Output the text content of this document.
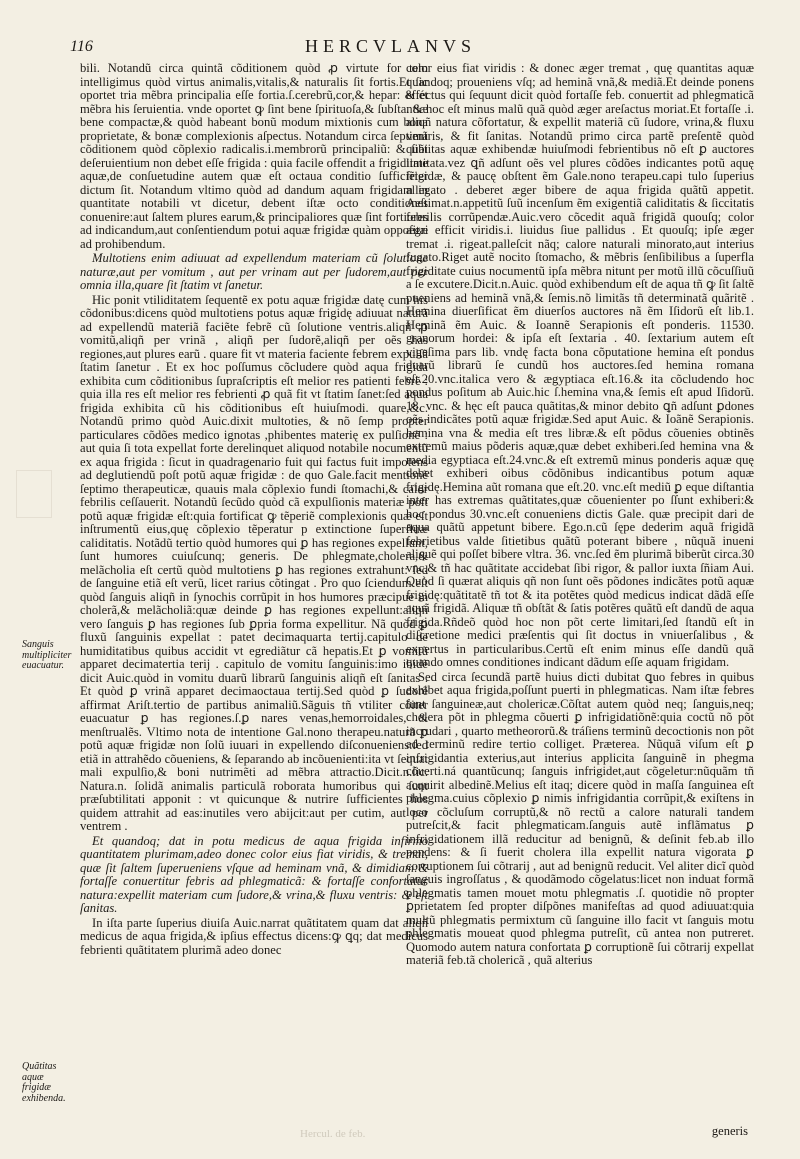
116	HERCVLANVS

bili. Notandũ circa quintã cõditionem quòd ꝓ virtute for tem intelligimus quòd virtus animalis,vitalis,& naturalis ſit fortis.Et ſic oportet tria mẽbra principalia eſſe fortia.ſ.cerebrũ,cor,& hepar: & ét mẽbra his ſeruientia. vnde oportet ꝙ ſint bene ſpirituoſa,& ſubſtantiæ bene compactæ,& quòd habeant bonũ modum mixtionis cum bona proprietate, & bonæ complexionis aſpectus. Notandum circa ſeptimã cõditionem quòd cõplexio radicalis.i.membrorũ principaliũ: & ſibi deſeruientium non debet eſſe frigida : quia facile offendit a frigiditate aquæ,de conſuetudine autem quæ eſt octaua conditio ſufficiẽter dictum ſit. Notandum vltimo quòd ad dandum aquam frigidam in quantitate notabili vt dicetur, debent iſtæ octo conditiones conuenire:aut ſaltem plures earum,& principaliores quæ ſint fortiores ad indicandum,aut conſentiendum potui aquæ frigidæ quàm oppoſitæ ad prohibendum.

Multotiens enim adiuuat ad expellendum materiam cũ ſolutione naturæ,aut per vomitum , aut per vrinam aut per ſudorem,aut per omnia illa,quare ſit ſtatim vt ſanetur.

Hic ponit vtiliditatem ſequentẽ ex potu aquæ frigidæ datę cum his cõdonibus:dicens quòd multotiens potus aquæ frigidę adiuuat naturã ad expellendũ materiã faciẽte febrẽ cũ ſolutione ventris.aliqñ ꝓ vomitũ,aliqñ per vrinã , aliqñ per ſudorẽ,aliqñ per oẽs has regiones,aut plures earũ . quare fit vt materia faciente febrem expulſã ſtatim ſanetur . Et ex hoc poſſumus cõcludere quòd aqua frigida exhibita cum cõditionibus ſupraſcriptis eſt melior res patienti febrẽ : quia illa res eſt melior res febrienti ꝓ quã fit vt ſtatim ſanet:ſed aqua frigida exhibita cũ his cõditionibus eſt huiuſmodi. quare,&c. Notandũ primo quòd Auic.dixit multoties, & nõ ſemp propter particulares cõdões medico ignotas ,phibentes materię ex pulſionẽ : aut quia ſi tota expellat forte derelinquet aliquod notabile nocumentũ ex aqua frigida : ſicut in quadragenario fuit qui factus fuit impotens ad deglutiendũ poſt potũ aquæ frigidæ : de quo Gale.facit mentionẽ ſeptimo therapeuticæ, quauis mala cõplexio fundi ſtomachi,& calor febrilis ceſſauerit. Notandũ ſecũdo quòd cã expulſionis materiæ poſt potũ aquæ frigidæ eſt:quia fortificat ꝙ tẽperiẽ complexionis quæ eſt inſtrumentũ eius,quę cõplexio tẽperatur p extinctione ſuperfluæ caliditatis. Notãdũ tertio quòd humores qui ꝑ has regiones expellunt, ſunt humores cuiuſcunq; generis. De phlegmate,cholera,& melãcholia eſt certũ quòd multotiens ꝑ has regiones extrahunt: ſed de ſanguine etiã eſt verũ, licet rarius cõtingat . Pro quo ſciendum eſt quòd ſanguis aliqñ in ſynochis corrũpit in hos humores præcipue in cholerã,& melãcholiã:quæ deinde ꝑ has regiones expellunt:aliqñ vero ſanguis ꝑ has regiones ſub ꝑpria forma expellitur. Nã quòd ꝑ fluxũ ſanguinis expellat : patet decimaquarta tertij.capitulo de humiditatibus quibus accidit vt egrediãtur cã hepatis.Et ꝑ vomitũ apparet decimatertia terij . capitulo de vomitu ſanguinis:imo ibidẽ dicit Auic.quòd in vomitu duarũ librarũ ſanguinis aliqñ eſt ſanitas . Et quòd ꝑ vrinã apparet decimaoctaua tertij.Sed quòd ꝑ ſudorẽ affirmat Ariſt.tertio de partibus animaliũ.Sãguis tñ vtiliter cõiter euacuatur ꝑ has regiones.ſ.ꝑ nares venas,hemorroidales, & menſtrualẽs. Vltimo nota de intentione Gal.nono therapeu.naturã ꝑ potũ aquæ frigidæ non ſolũ iuuari in expellendo diſconueniens:ſed etiã in attrahẽdo cõueniens, & ſeparando ab incõuenienti:ita vt ſequat mali expulſio,& boni nutrimẽti ad mẽbra attractio.Dicit.n.ſic. Natura.n. ſolidã animalis particulã roborata humoribus qui ſunt præſubtilitati apponit : vt quicunque & nutrire ſufficientes hos quidem attrahit ad eas:inutiles vero abijcit:aut per cutim, aut per ventrem .

Et quandoq; dat in potu medicus de aqua frigida infirmo quantitatem plurimam,adeo donec color eius fiat viridis, & tremat, quæ ſit ſaltem ſuperueniens vſque ad heminam vnã, & dimidiam:& fortaſſe conuertitur febris ad phlegmaticã: & fortaſſe confortatur natura:expellit materiam cum ſudore,& vrina,& fluxu ventris: & eſt ſanitas.

In iſta parte ſuperius diuiſa Auic.narrat quãtitatem quam dat aliqñ medicus de aqua frigida,& ipſius effectus dicens:ꝙ ꝗq; dat medicus febrienti quãtitatem plurimã adeo donec

color eius fiat viridis : & donec æger tremat , quę quantitas aquæ quandoq; proueniens vſq; ad heminã vnã,& mediã.Et deinde ponens effectus qui ſequunt dicit quòd fortaſſe feb. conuertit ad phlegmaticã . & hoc eſt minus malũ quã quòd æger areſactus moriat.Et fortaſſe .i. aliqñ natura cõfortatur, & expellit materiã cũ ſudore, vrina,& fluxu ventris, & fit ſanitas. Notandũ primo circa partẽ preſentẽ quòd quãtitas aquæ exhibendæ huiuſmodi febrientibus nõ eſt ꝑ auctores limitata.vez ꝗñ adſunt oẽs vel plures cõdões indicantes potũ aquę frigidæ, & paucę obſtent ẽm Gale.nono terapeu.capi tulo ſuperius allegato . deberet æger bibere de aqua frigida quãtũ appetit. Aeſtimat.n.appetitũ ſuũ incenſum ẽm exigentiã caliditatis & ſiccitatis febrilis corrũpendæ.Auic.vero cõcedit aquã frigidã quouſq; color ægri efficit viridis.i. liuidus ſiue pallidus . Et quouſq; ipſe æger tremat .i. rigeat.palleſcit nãq; calore naturali minorato,aut interius fugato.Riget autẽ nocito ſtomacho, & mẽbris ſenſibilibus a ſuperfla frigiditate cuius nocumentũ ipſa mẽbra nitunt per motũ illũ cõcuſſiuũ a ſe excutere.Dicit.n.Auic. quòd exhibendum eſt de aqua tñ ꝙ ſit ſaltẽ pueniens ad heminã vnã,& ſemis.nõ limitãs tñ determinatã quãritẽ . Hemina diuerſificat ẽm diuerſos auctores nã ẽm Iſidorũ eſt lib.1. Heminã ẽm Auic. & Ioannẽ Serapionis eſt ponderis. 11530. granorum hordei: & ipſa eſt ſextaria . 40. ſextarium autem eſt vigeſima pars lib. vndę facta bona cõputatione hemina eſt pondus duarũ librarũ ſe cundũ hos auctores.ſed hemina romana eſt.20.vnc.italica vero & ægyptiaca eſt.16.& ita cõcludendo hoc pondus poſitum ab Auic.hic ſ.hemina vna,& ſemis eſt apud Iſidorũ. 18. vnc. & hęc eſt pauca quãtitas,& minor debito ꝗñ adſunt ꝑdones oẽs indicãtes potũ aquæ frigidæ.Sed aput Auic. & Ioãnẽ Serapionis. hemina vna & media eſt tres libræ.& eſt põdus cõuenies obtinẽs extremũ maius põderis aquæ,quæ debet exhiberi.ſed hemina vna & media egyptiaca eſt.24.vnc.& eſt extremũ minus ponderis aquæ quę debet exhiberi oibus cõdõnibus indicantibus potum aquæ frigidę.Hemina aũt romana que eſt.20. vnc.eſt mediũ ꝑ eque diſtantia inter has extremas quãtitates,quæ cõuenienter po ſſunt exhiberi:& hoc pondus 30.vnc.eſt conueniens dictis Gale. quæ precipit dari de aqua quãtũ appetunt bibere. Ego.n.cũ ſępe dederim aquã frigidã febrietibus valde ſitietibus quãtũ poterant bibere , nũquã inueni aliquẽ qui poſſet bibere vltra. 36. vnc.ſed ẽm plurimã biberũt circa.30 vnc.& tñ hac quãtitate accidebat ſibi rigor, & pallor iuxta ſñiam Aui. Quòd ſi quærat aliquis qñ non ſunt oẽs põdones indicãtes potũ aquæ frigidę:quãtitatẽ tñ tot & ita potẽtes quòd medicus indicat dãdã eſſe aquã frigidã. Aliquæ tñ obſtãt & ſatis potẽres quãtũ eſt dandũ de aqua frigida.Rñdeõ quòd hoc non põt certe limitari,ſed ſtandũ eſt in diſcretione medici præſentis qui ſit doctus in vniuerſalibus , & expertus in particularibus.Certũ eſt enim minus eſſe dandũ quã quando omnes conditiones indicant dãdum eſſe aquam frigidam.

Sed circa ſecundã partẽ huius dicti dubitat ꝗuo febres in quibus exhibet aqua frigida,poſſunt puerti in phlegmaticas. Nam iſtæ febres ſunt ſanguineæ,aut cholericæ.Cõſtat autem quòd neq; ſanguis,neq; cholera põt in phlegma cõuerti ꝑ infrigidatiõnẽ:quia coctũ nõ põt incrudari , quarto metheororũ.& tráſiens terminũ decoctionis non põt ad terminũ redire tertio colliget. Præterea. Nũquã viſum eſt ꝑ infrigidantia exterius,aut interius applicita ſanguinẽ in phegma cõuerti.ná quantũcunq; ſanguis infrigidet,aut cõgeletur:nũquãm tñ acquirit albedinẽ.Melius eſt itaq; dicere quòd in maſſa ſanguinea eſt phlegma.cuius cõplexio ꝑ nimis infrigidantia corrũpit,& exiſtens in loco cõcluſum corruptũ,& nõ rectũ a calore naturali tandem putreſcit,& facit phlegmaticam.ſanguis autẽ inflãmatus ꝑ infrigidationem illã reducitur ad benignũ, & deſinit feb.ab illo pendens: & ſi fuerit cholera illa expellit natura vigorata ꝑ corruptionem ſui cõtrarij , aut ad benignũ reducit. Vel aliter dicĩ quòd ſanguis ingroſſatus , & quodãmodo cõgelatus:licet non induat formã phlegmatis tamen mouet motu phlegmatis .ſ. quotidie nõ propter ꝑprietatem ſed propter diſpõnes manifeſtas ad quod adiuuat:quia multũ phlegmatis permixtum cũ ſanguine illo facit vt ſanguis motu phlegmatis moueat quod phlegma putreſit, cũ antea non putreret. Quomodo autem natura confortata ꝑ corruptionẽ ſui cõtrarij expellat materiã feb.tã cholericã , quã alterius

Sanguis multipliciter euacuatur.
Quãtitas aquæ frigidæ exhibenda.
Hercul. de feb.	generis
